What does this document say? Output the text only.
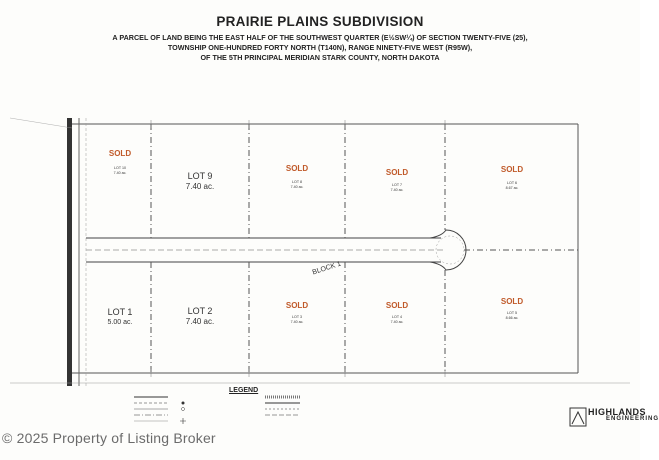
PRAIRIE PLAINS SUBDIVISION
A PARCEL OF LAND BEING THE EAST HALF OF THE SOUTHWEST QUARTER (E½SW¼) OF SECTION TWENTY-FIVE (25),
TOWNSHIP ONE-HUNDRED FORTY NORTH (T140N), RANGE NINETY-FIVE WEST (R95W),
OF THE 5TH PRINCIPAL MERIDIAN STARK COUNTY, NORTH DAKOTA
SOLD
LOT 10
7.40 ac.	LOT 9
7.40 ac.
SOLD
LOT 8
7.40 ac.
SOLD
LOT 7
7.40 ac.
SOLD
LOT 6
8.67 ac.
BLOCK 1
LOT 1
5.00 ac.
LOT 2
7.40 ac.
SOLD
LOT 3
7.40 ac.
SOLD
LOT 4
7.40 ac.
SOLD
LOT 5
8.66 ac.
LEGEND
HIGHLANDS
ENGINEERING
© 2025 Property of Listing Broker
